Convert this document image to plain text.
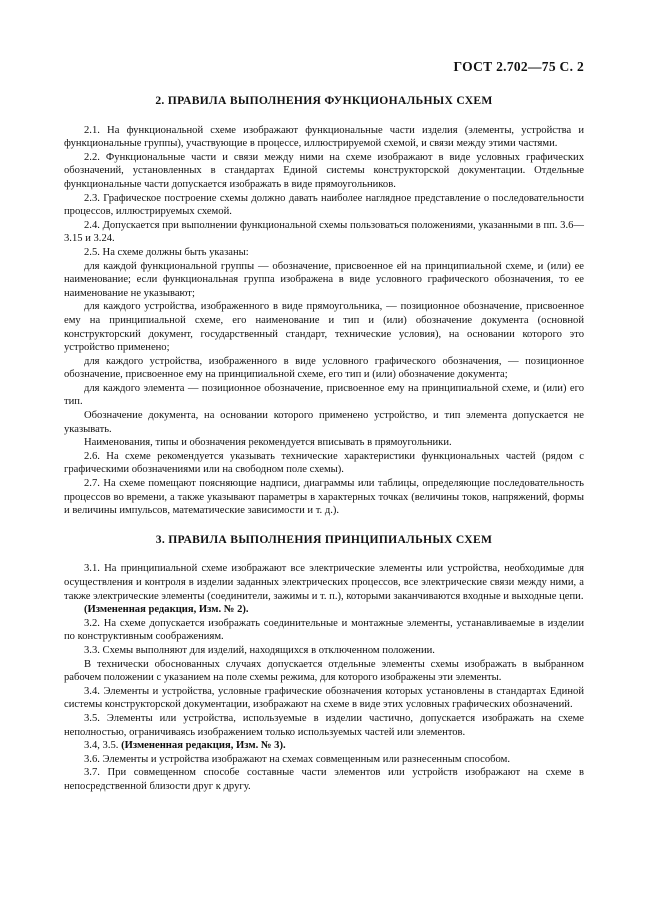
ГОСТ 2.702—75 С. 2
2. ПРАВИЛА ВЫПОЛНЕНИЯ ФУНКЦИОНАЛЬНЫХ СХЕМ

2.1. На функциональной схеме изображают функциональные части изделия (элементы, устройства и функциональные группы), участвующие в процессе, иллюстрируемой схемой, и связи между этими частями.

2.2. Функциональные части и связи между ними на схеме изображают в виде условных графических обозначений, установленных в стандартах Единой системы конструкторской документации. Отдельные функциональные части допускается изображать в виде прямоугольников.

2.3. Графическое построение схемы должно давать наиболее наглядное представление о последовательности процессов, иллюстрируемых схемой.

2.4. Допускается при выполнении функциональной схемы пользоваться положениями, указанными в пп. 3.6—3.15 и 3.24.

2.5. На схеме должны быть указаны:

для каждой функциональной группы — обозначение, присвоенное ей на принципиальной схеме, и (или) ее наименование; если функциональная группа изображена в виде условного графического обозначения, то ее наименование не указывают;

для каждого устройства, изображенного в виде прямоугольника, — позиционное обозначение, присвоенное ему на принципиальной схеме, его наименование и тип и (или) обозначение документа (основной конструкторский документ, государственный стандарт, технические условия), на основании которого это устройство применено;

для каждого устройства, изображенного в виде условного графического обозначения, — позиционное обозначение, присвоенное ему на принципиальной схеме, его тип и (или) обозначение документа;

для каждого элемента — позиционное обозначение, присвоенное ему на принципиальной схеме, и (или) его тип.

Обозначение документа, на основании которого применено устройство, и тип элемента допускается не указывать.

Наименования, типы и обозначения рекомендуется вписывать в прямоугольники.

2.6. На схеме рекомендуется указывать технические характеристики функциональных частей (рядом с графическими обозначениями или на свободном поле схемы).

2.7. На схеме помещают поясняющие надписи, диаграммы или таблицы, определяющие последовательность процессов во времени, а также указывают параметры в характерных точках (величины токов, напряжений, формы и величины импульсов, математические зависимости и т. д.).

3. ПРАВИЛА ВЫПОЛНЕНИЯ ПРИНЦИПИАЛЬНЫХ СХЕМ

3.1. На принципиальной схеме изображают все электрические элементы или устройства, необходимые для осуществления и контроля в изделии заданных электрических процессов, все электрические связи между ними, а также электрические элементы (соединители, зажимы и т. п.), которыми заканчиваются входные и выходные цепи.

(Измененная редакция, Изм. № 2).

3.2. На схеме допускается изображать соединительные и монтажные элементы, устанавливаемые в изделии по конструктивным соображениям.

3.3. Схемы выполняют для изделий, находящихся в отключенном положении.

В технически обоснованных случаях допускается отдельные элементы схемы изображать в выбранном рабочем положении с указанием на поле схемы режима, для которого изображены эти элементы.

3.4. Элементы и устройства, условные графические обозначения которых установлены в стандартах Единой системы конструкторской документации, изображают на схеме в виде этих условных графических обозначений.

3.5. Элементы или устройства, используемые в изделии частично, допускается изображать на схеме неполностью, ограничиваясь изображением только используемых частей или элементов.

3.4, 3.5. (Измененная редакция, Изм. № 3).

3.6. Элементы и устройства изображают на схемах совмещенным или разнесенным способом.

3.7. При совмещенном способе составные части элементов или устройств изображают на схеме в непосредственной близости друг к другу.
